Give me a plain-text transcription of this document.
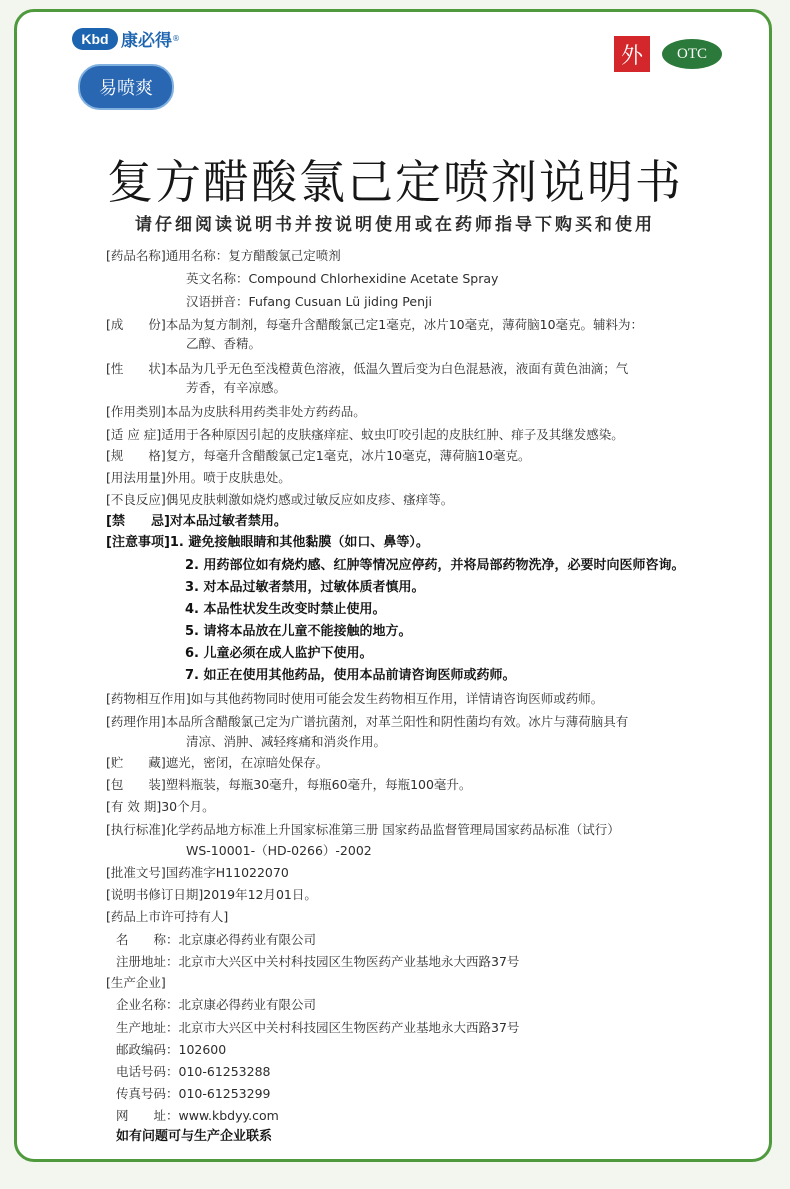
Kbd 康必得 ®
易喷爽
外	OTC
复方醋酸氯己定喷剂说明书
请仔细阅读说明书并按说明使用或在药师指导下购买和使用
[药品名称]通用名称：复方醋酸氯己定喷剂
英文名称：Compound Chlorhexidine Acetate Spray
汉语拼音：Fufang Cusuan Lü jiding Penji
[成　　份]本品为复方制剂，每毫升含醋酸氯己定1毫克，冰片10毫克，薄荷脑10毫克。辅料为：
乙醇、香精。
[性　　状]本品为几乎无色至浅橙黄色溶液，低温久置后变为白色混悬液，液面有黄色油滴；气
芳香，有辛凉感。
[作用类别]本品为皮肤科用药类非处方药药品。
[适 应 症]适用于各种原因引起的皮肤瘙痒症、蚊虫叮咬引起的皮肤红肿、痱子及其继发感染。
[规　　格]复方，每毫升含醋酸氯己定1毫克，冰片10毫克，薄荷脑10毫克。
[用法用量]外用。喷于皮肤患处。
[不良反应]偶见皮肤刺激如烧灼感或过敏反应如皮疹、瘙痒等。
[禁　　忌]对本品过敏者禁用。
[注意事项]1. 避免接触眼睛和其他黏膜（如口、鼻等）。
2. 用药部位如有烧灼感、红肿等情况应停药，并将局部药物洗净，必要时向医师咨询。
3. 对本品过敏者禁用，过敏体质者慎用。
4. 本品性状发生改变时禁止使用。
5. 请将本品放在儿童不能接触的地方。
6. 儿童必须在成人监护下使用。
7. 如正在使用其他药品，使用本品前请咨询医师或药师。
[药物相互作用]如与其他药物同时使用可能会发生药物相互作用，详情请咨询医师或药师。
[药理作用]本品所含醋酸氯己定为广谱抗菌剂，对革兰阳性和阴性菌均有效。冰片与薄荷脑具有
清凉、消肿、减轻疼痛和消炎作用。
[贮　　藏]遮光，密闭，在凉暗处保存。
[包　　装]塑料瓶装，每瓶30毫升，每瓶60毫升，每瓶100毫升。
[有 效 期]30个月。
[执行标准]化学药品地方标准上升国家标准第三册 国家药品监督管理局国家药品标准（试行）
WS-10001-（HD-0266）-2002
[批准文号]国药准字H11022070
[说明书修订日期]2019年12月01日。
[药品上市许可持有人]
名　　称：北京康必得药业有限公司
注册地址：北京市大兴区中关村科技园区生物医药产业基地永大西路37号
[生产企业]
企业名称：北京康必得药业有限公司
生产地址：北京市大兴区中关村科技园区生物医药产业基地永大西路37号
邮政编码：102600
电话号码：010-61253288
传真号码：010-61253299
网　　址：www.kbdyy.com
如有问题可与生产企业联系
